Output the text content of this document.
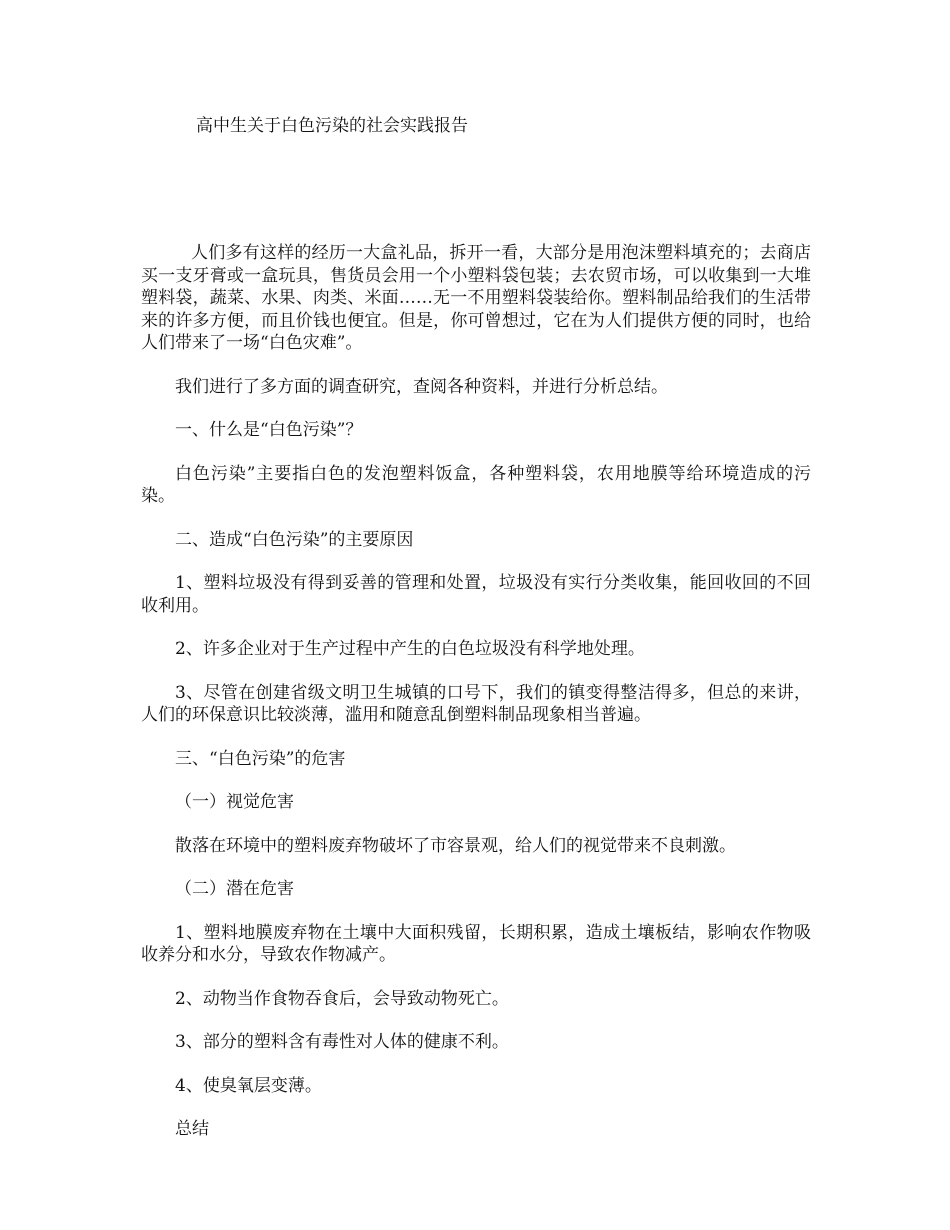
高中生关于白色污染的社会实践报告

人们多有这样的经历一大盒礼品，拆开一看，大部分是用泡沫塑料填充的；去商店买一支牙膏或一盒玩具，售货员会用一个小塑料袋包装；去农贸市场，可以收集到一大堆塑料袋，蔬菜、水果、肉类、米面……无一不用塑料袋装给你。塑料制品给我们的生活带来的许多方便，而且价钱也便宜。但是，你可曾想过，它在为人们提供方便的同时，也给人们带来了一场“白色灾难”。

我们进行了多方面的调查研究，查阅各种资料，并进行分析总结。

一、什么是“白色污染”？

白色污染”主要指白色的发泡塑料饭盒，各种塑料袋，农用地膜等给环境造成的污染。

二、造成“白色污染”的主要原因

1、塑料垃圾没有得到妥善的管理和处置，垃圾没有实行分类收集，能回收回的不回收利用。

2、许多企业对于生产过程中产生的白色垃圾没有科学地处理。

3、尽管在创建省级文明卫生城镇的口号下，我们的镇变得整洁得多，但总的来讲，人们的环保意识比较淡薄，滥用和随意乱倒塑料制品现象相当普遍。

三、“白色污染”的危害

（一）视觉危害

散落在环境中的塑料废弃物破坏了市容景观，给人们的视觉带来不良刺激。

（二）潜在危害

1、塑料地膜废弃物在土壤中大面积残留，长期积累，造成土壤板结，影响农作物吸收养分和水分，导致农作物减产。

2、动物当作食物吞食后，会导致动物死亡。

3、部分的塑料含有毒性对人体的健康不利。

4、使臭氧层变薄。

总结
